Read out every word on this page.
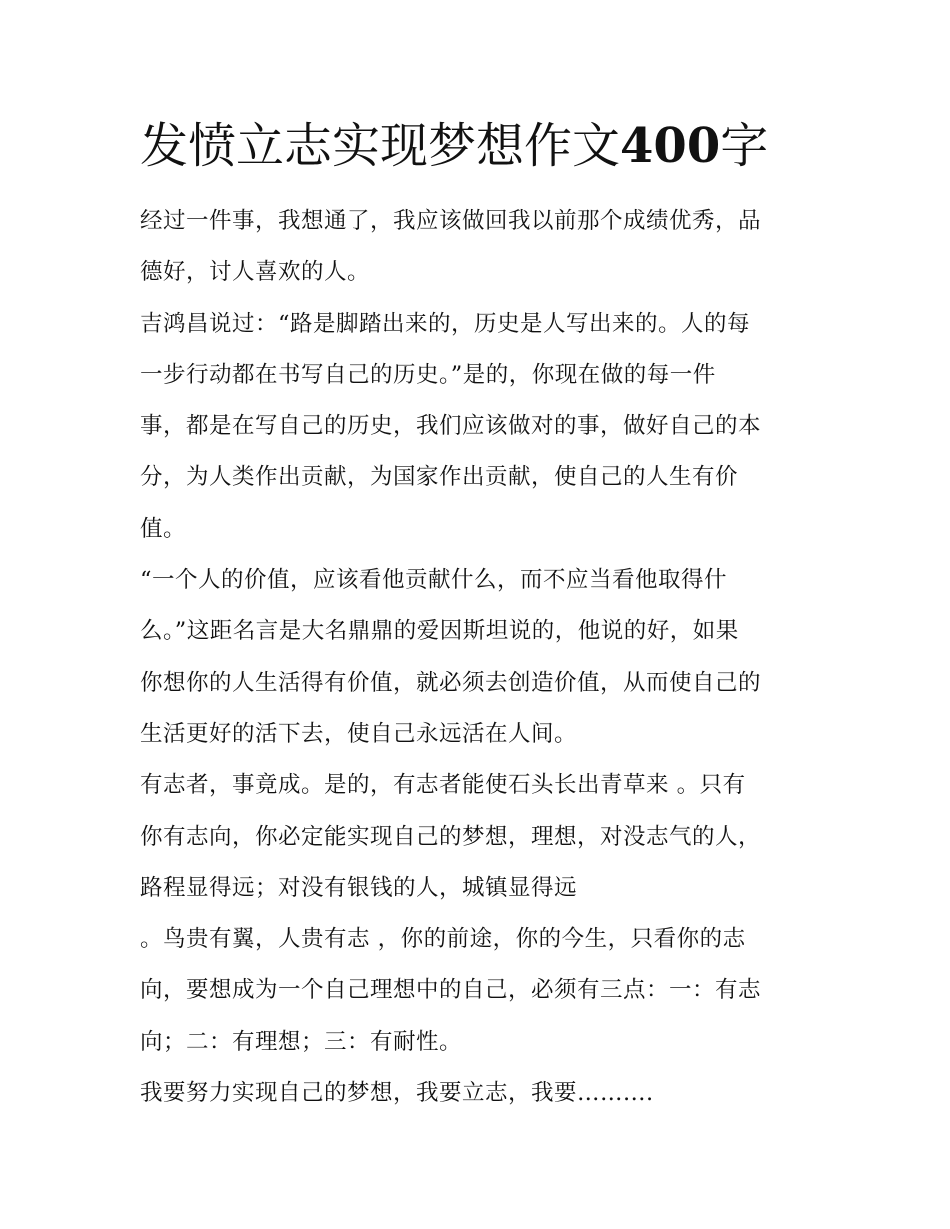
发愤立志实现梦想作文400字

经过一件事，我想通了，我应该做回我以前那个成绩优秀，品
德好，讨人喜欢的人。

吉鸿昌说过：“路是脚踏出来的，历史是人写出来的。人的每
一步行动都在书写自己的历史。”是的，你现在做的每一件
事，都是在写自己的历史，我们应该做对的事，做好自己的本
分，为人类作出贡献，为国家作出贡献，使自己的人生有价
值。

“一个人的价值，应该看他贡献什么，而不应当看他取得什
么。”这距名言是大名鼎鼎的爱因斯坦说的，他说的好，如果
你想你的人生活得有价值，就必须去创造价值，从而使自己的
生活更好的活下去，使自己永远活在人间。

有志者，事竟成。是的，有志者能使石头长出青草来 。只有
你有志向，你必定能实现自己的梦想，理想，对没志气的人，
路程显得远；对没有银钱的人，城镇显得远
。鸟贵有翼，人贵有志 ，你的前途，你的今生，只看你的志
向，要想成为一个自己理想中的自己，必须有三点：一：有志
向；二：有理想；三：有耐性。

我要努力实现自己的梦想，我要立志，我要……....
